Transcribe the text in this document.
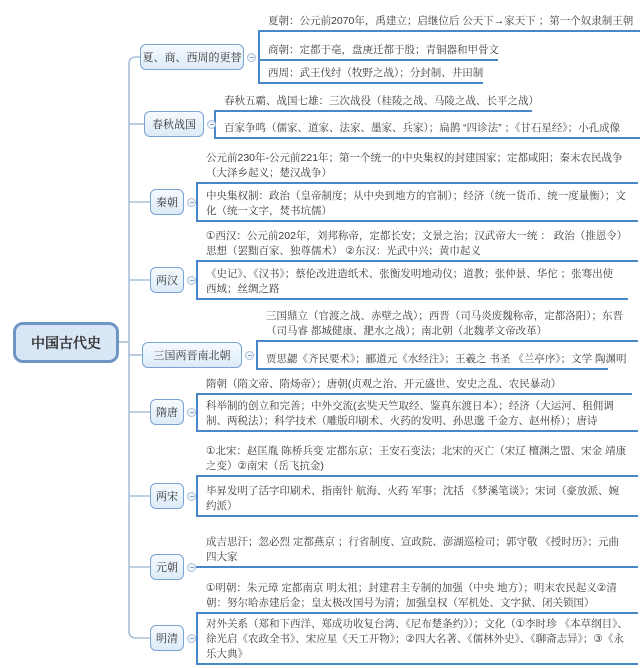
中国古代史
夏、商、西周的更替
春秋战国
秦朝
两汉
三国两晋南北朝
隋唐
两宋
元朝
明清
夏朝：公元前2070年，禹建立；启继位后 公天下→家天下 ；第一个奴隶制王朝
商朝：定都于亳，盘庚迁都于殷；青铜器和甲骨文
西周：武王伐纣（牧野之战）；分封制、井田制
春秋五霸、战国七雄：三次战役（桂陵之战、马陵之战、长平之战）
百家争鸣（儒家、道家、法家、墨家、兵家）；扁鹊 “四诊法” ；《甘石星经》；小孔成像
公元前230年-公元前221年；第一个统一的中央集权的封建国家；定都咸阳；秦末农民战争（大泽乡起义；楚汉战争）
中央集权制：政治（皇帝制度；从中央到地方的官制）；经济（统一货币、统一度量衡）；文化（统一文字，焚书坑儒）
①西汉：公元前202年，刘邦称帝，定都长安；文景之治；汉武帝大一统 ： 政治（推恩令） 思想（罢黜百家、独尊儒术） ②东汉：光武中兴；黄巾起义
《史记》、《汉书》；蔡伦改进造纸术、张衡发明地动仪；道教；张仲景、华佗 ；张骞出使西域；丝绸之路
三国鼎立（官渡之战、赤壁之战）；西晋（司马炎废魏称帝，定都洛阳）；东晋（司马睿 都城健康、淝水之战）；南北朝（北魏孝文帝改革）
贾思勰《齐民要术》；郦道元《水经注》；王羲之 书圣 《兰亭序》；文学 陶渊明
隋朝（隋文帝、隋炀帝）；唐朝(贞观之治、开元盛世、安史之乱、农民暴动）
科举制的创立和完善；中外交流(玄奘天竺取经、鉴真东渡日本）；经济（大运河、租佣调制、两税法）；科学技术（雕版印刷术、火药的发明、孙思邈 千金方、赵州桥）；唐诗
①北宋：赵匡胤 陈桥兵变 定都东京；王安石变法；北宋的灭亡（宋辽 檀渊之盟、宋金 靖康之变）②南宋（岳飞抗金)
毕昇发明了活字印刷术、指南针 航海、火药 军事；沈括 《梦溪笔谈》；宋词（豪放派、婉约派）
成吉思汗；忽必烈 定都燕京 ；行省制度、宣政院、澎湖巡检司；郭守敬 《授时历》；元曲四大家
①明朝：朱元璋 定都南京 明太祖；封建君主专制的加强（中央 地方）；明末农民起义②清朝：努尔哈赤建后金；皇太极改国号为清；加强皇权（军机处、文字狱、闭关锁国）
对外关系（郑和下西洋、郑成功收复台湾、《尼布楚条约》）；文化（①李时珍 《本草纲目》、徐光启《农政全书》、宋应星《天工开物》；②四大名著、《儒林外史》、《聊斋志异》；③《永乐大典》
